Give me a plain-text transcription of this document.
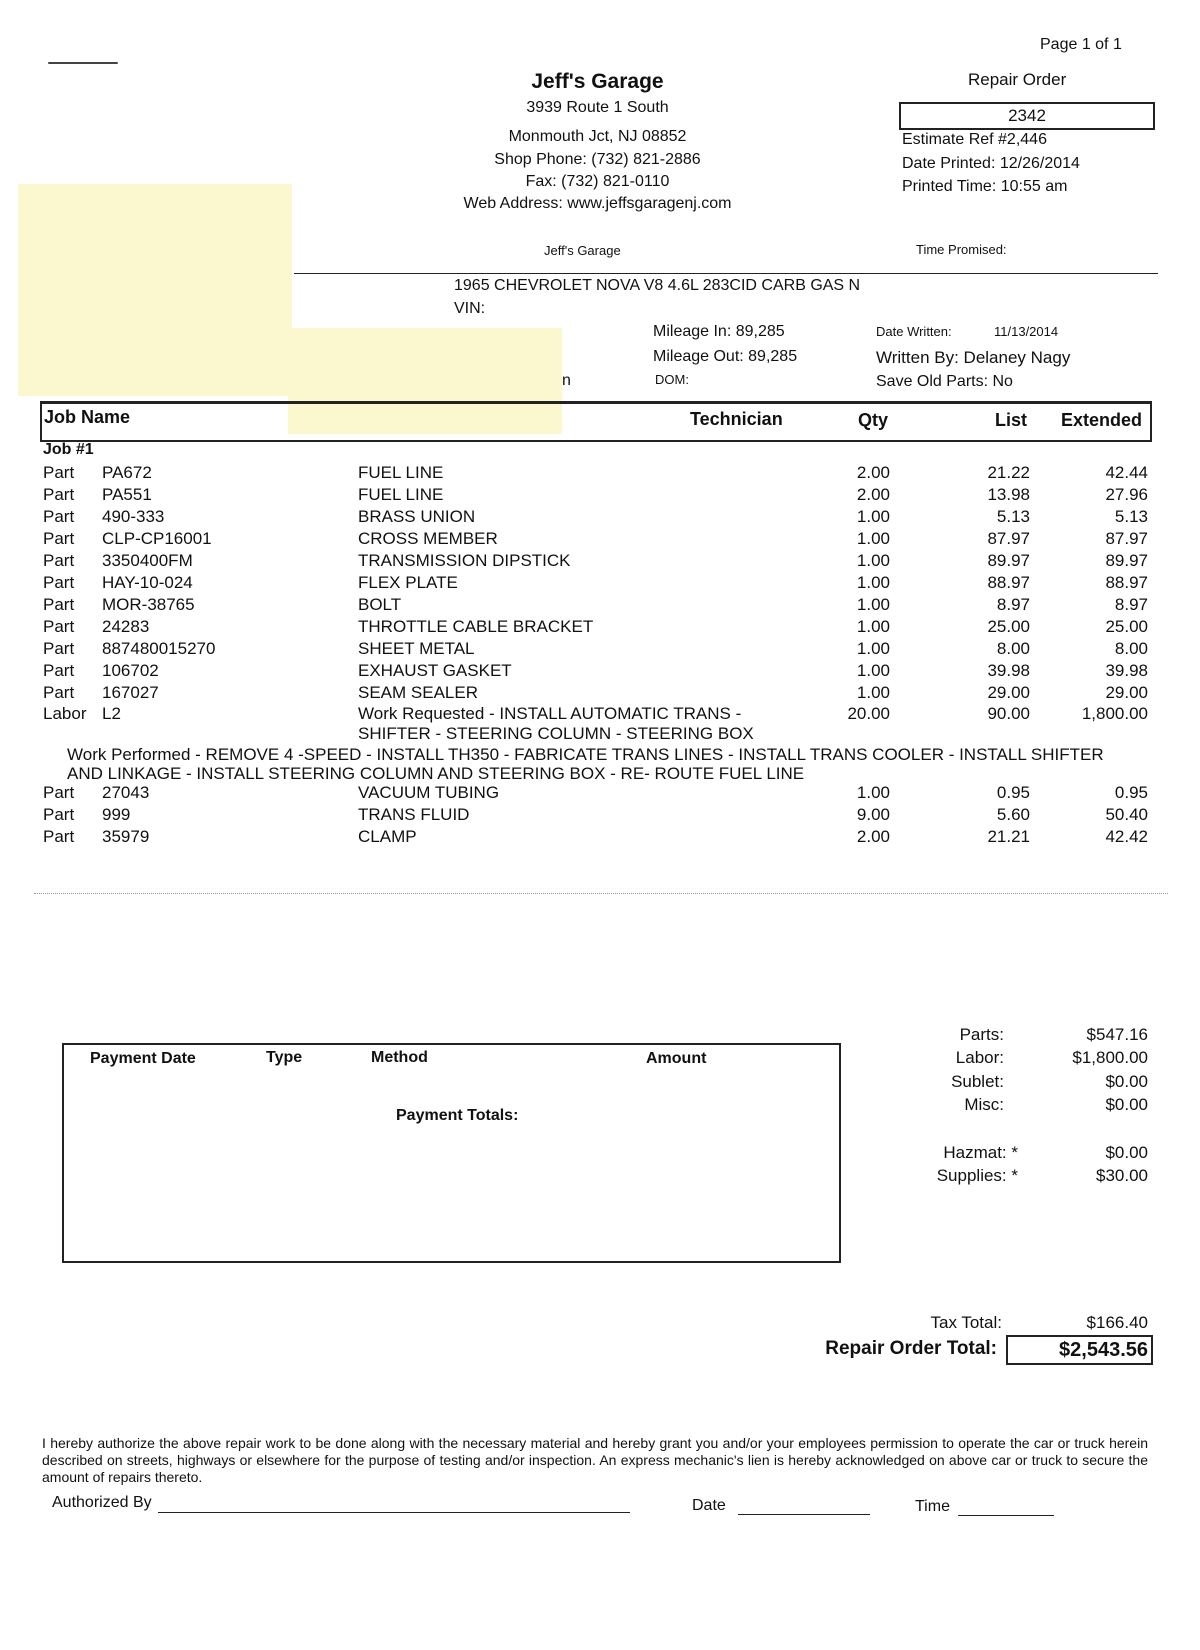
Page 1 of 1
Jeff's Garage
3939 Route 1 South
Monmouth Jct, NJ 08852
Shop Phone: (732) 821-2886
Fax: (732) 821-0110
Web Address: www.jeffsgaragenj.com
Jeff's Garage
Repair Order
2342
Estimate Ref #2,446
Date Printed: 12/26/2014
Printed Time: 10:55 am
Time Promised:
1965 CHEVROLET NOVA V8 4.6L 283CID CARB GAS N
VIN:
Mileage In: 89,285
Mileage Out: 89,285
DOM:
n
Date Written:	11/13/2014
Written By: Delaney Nagy
Save Old Parts: No
Job Name	Technician	Qty	List Extended
Job #1
Part PA672	FUEL LINE	2.00	21.22	42.44
Part PA551	FUEL LINE	2.00	13.98	27.96
Part 490-333	BRASS UNION	1.00	5.13	5.13
Part CLP-CP16001	CROSS MEMBER	1.00	87.97	87.97
Part 3350400FM	TRANSMISSION DIPSTICK	1.00	89.97	89.97
Part HAY-10-024	FLEX PLATE	1.00	88.97	88.97
Part MOR-38765	BOLT	1.00	8.97	8.97
Part 24283	THROTTLE CABLE BRACKET	1.00	25.00	25.00
Part 887480015270	SHEET METAL	1.00	8.00	8.00
Part 106702	EXHAUST GASKET	1.00	39.98	39.98
Part 167027	SEAM SEALER	1.00	29.00	29.00
Labor L2	Work Requested - INSTALL AUTOMATIC TRANS -
SHIFTER - STEERING COLUMN - STEERING BOX
20.00	90.00	1,800.00
Work Performed - REMOVE 4 -SPEED - INSTALL TH350 - FABRICATE TRANS LINES - INSTALL TRANS COOLER - INSTALL SHIFTER
AND LINKAGE - INSTALL STEERING COLUMN AND STEERING BOX - RE- ROUTE FUEL LINE
Part 27043	VACUUM TUBING	1.00	0.95	0.95
Part 999	TRANS FLUID	9.00	5.60	50.40
Part 35979	CLAMP	2.00	21.21	42.42
Payment Date	Type	Method	Amount
Payment Totals:
Parts:	$547.16
Labor:	$1,800.00
Sublet:	$0.00
Misc:	$0.00
Hazmat: *	$0.00
Supplies: *	$30.00
Tax Total:	$166.40
Repair Order Total:	$2,543.56
I hereby authorize the above repair work to be done along with the necessary material and hereby grant you and/or your employees permission to operate the car or truck herein described on streets, highways or elsewhere for the purpose of testing and/or inspection. An express mechanic's lien is hereby acknowledged on above car or truck to secure the amount of repairs thereto.
Authorized By	Date	Time
